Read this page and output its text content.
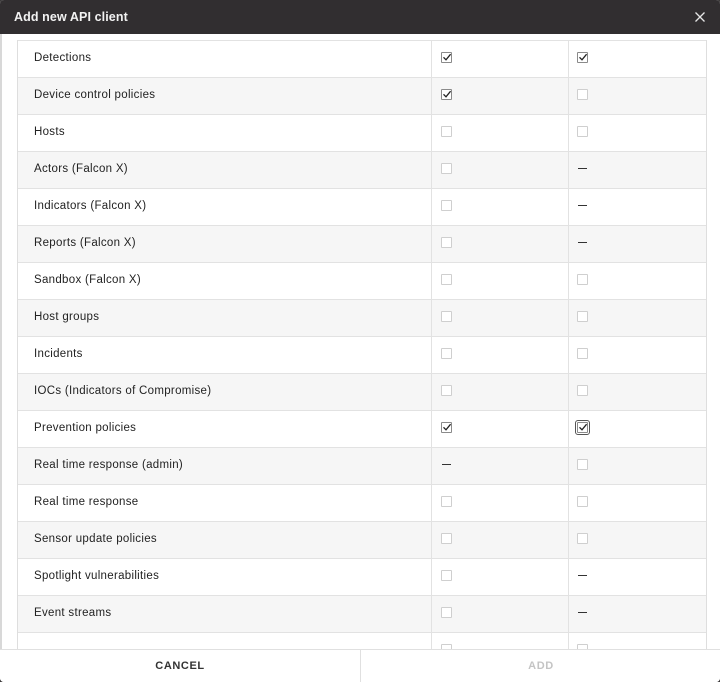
Add new API client
Detections
Device control policies
Hosts
Actors (Falcon X)
Indicators (Falcon X)
Reports (Falcon X)
Sandbox (Falcon X)
Host groups
Incidents
IOCs (Indicators of Compromise)
Prevention policies
Real time response (admin)
Real time response
Sensor update policies
Spotlight vulnerabilities
Event streams
CANCEL	ADD
